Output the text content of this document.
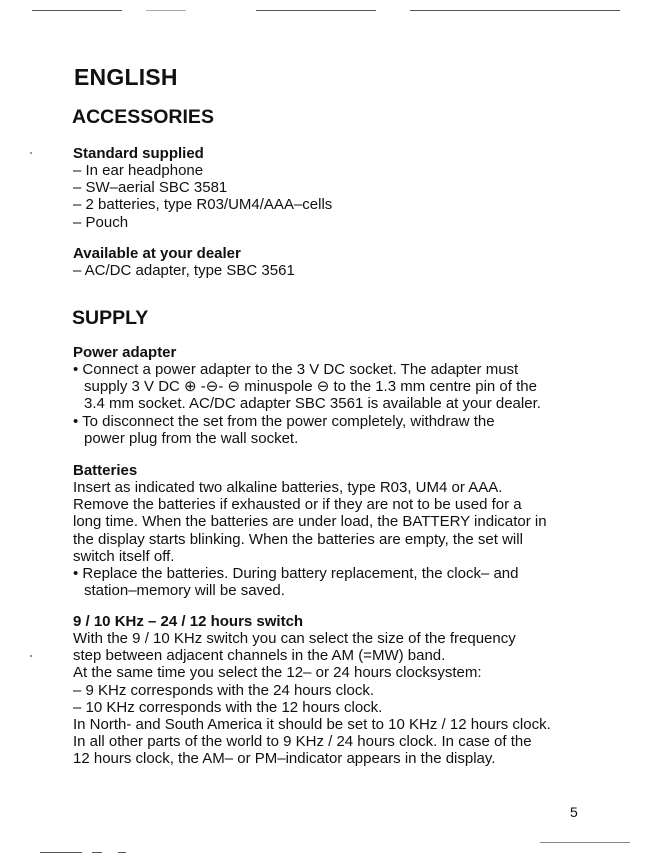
ENGLISH
ACCESSORIES
Standard supplied
– In ear headphone
– SW–aerial SBC 3581
– 2 batteries, type R03/UM4/AAA–cells
– Pouch
Available at your dealer
– AC/DC adapter, type SBC 3561
SUPPLY
Power adapter
• Connect a power adapter to the 3 V DC socket. The adapter must
supply 3 V DC ⊕ -⊖- ⊖ minuspole ⊖ to the 1.3 mm centre pin of the
3.4 mm socket. AC/DC adapter SBC 3561 is available at your dealer.
• To disconnect the set from the power completely, withdraw the
power plug from the wall socket.
Batteries
Insert as indicated two alkaline batteries, type R03, UM4 or AAA.
Remove the batteries if exhausted or if they are not to be used for a
long time. When the batteries are under load, the BATTERY indicator in
the display starts blinking. When the batteries are empty, the set will
switch itself off.
• Replace the batteries. During battery replacement, the clock– and
station–memory will be saved.
9 / 10 KHz – 24 / 12 hours switch
With the 9 / 10 KHz switch you can select the size of the frequency
step between adjacent channels in the AM (=MW) band.
At the same time you select the 12– or 24 hours clocksystem:
– 9 KHz corresponds with the 24 hours clock.
– 10 KHz corresponds with the 12 hours clock.
In North- and South America it should be set to 10 KHz / 12 hours clock.
In all other parts of the world to 9 KHz / 24 hours clock. In case of the
12 hours clock, the AM– or PM–indicator appears in the display.
5
